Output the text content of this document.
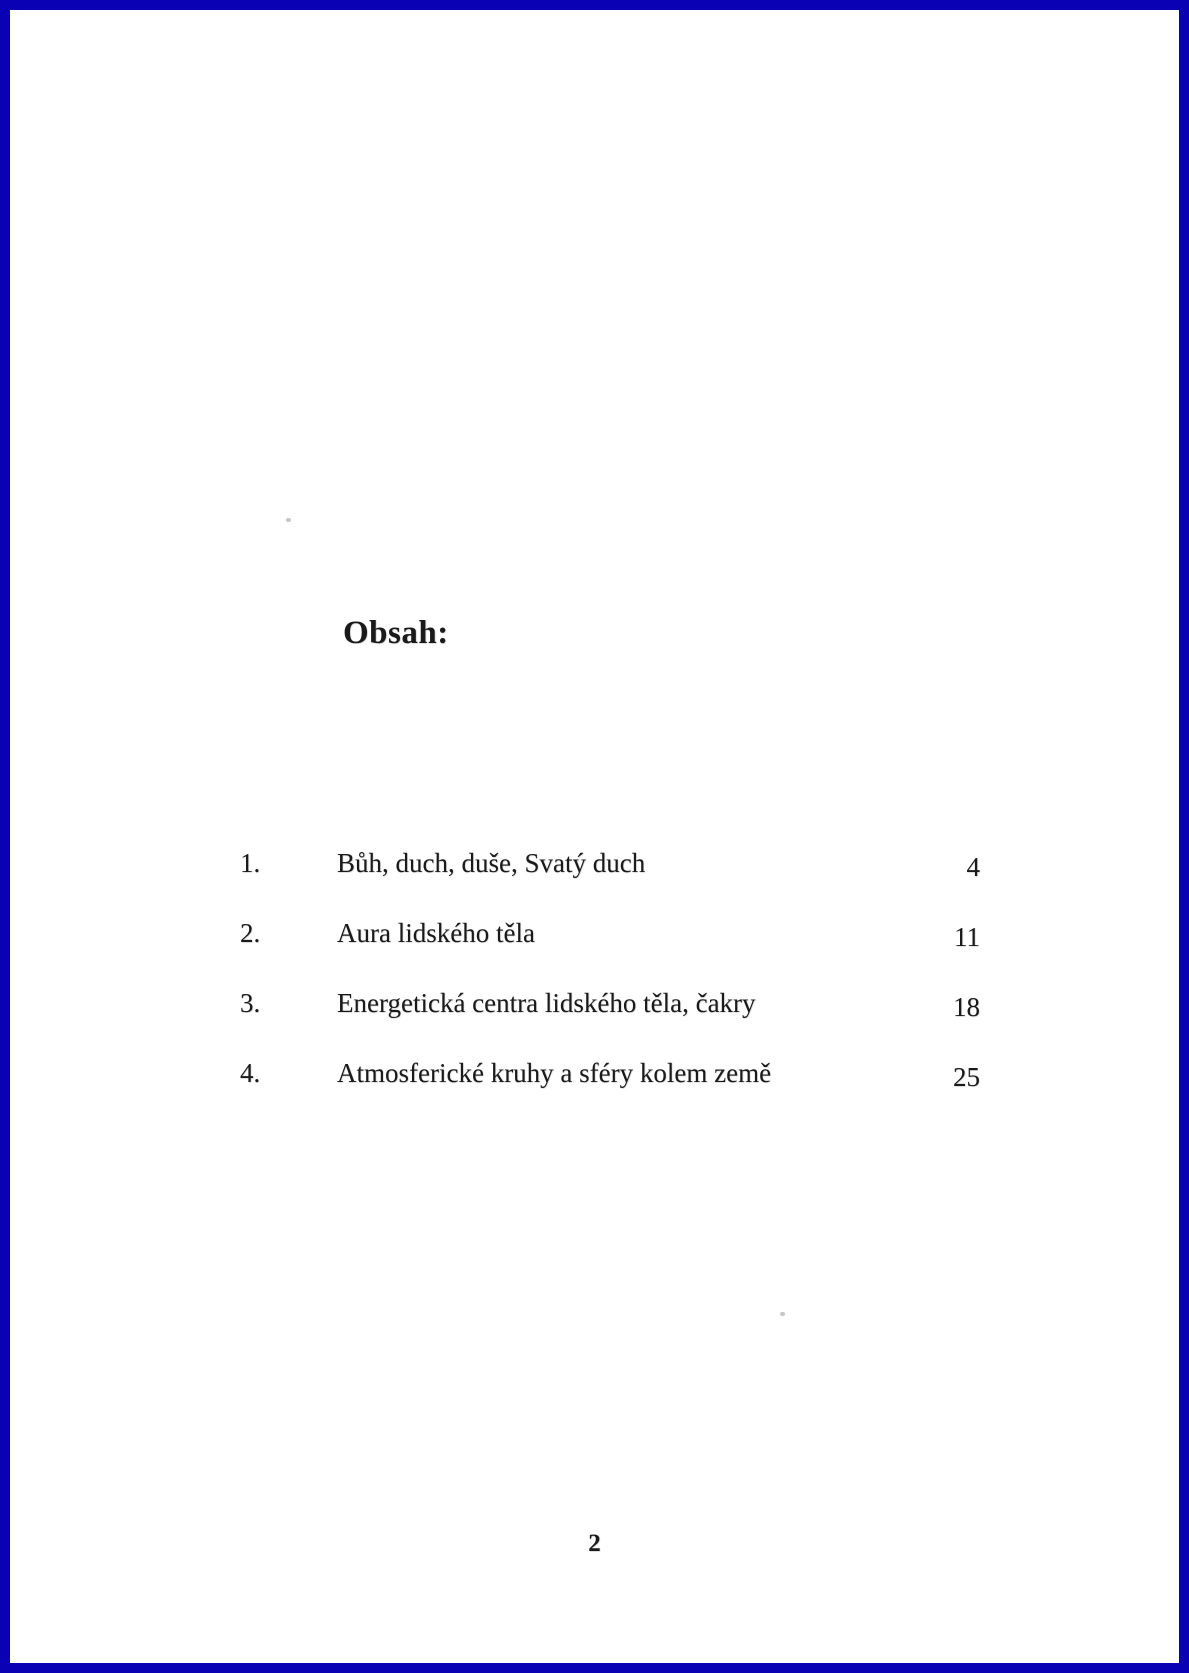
Obsah:
1.	Bůh, duch, duše, Svatý duch	4
2.	Aura lidského těla	11
3.	Energetická centra lidského těla, čakry	18
4.	Atmosferické kruhy a sféry kolem země	25
2
